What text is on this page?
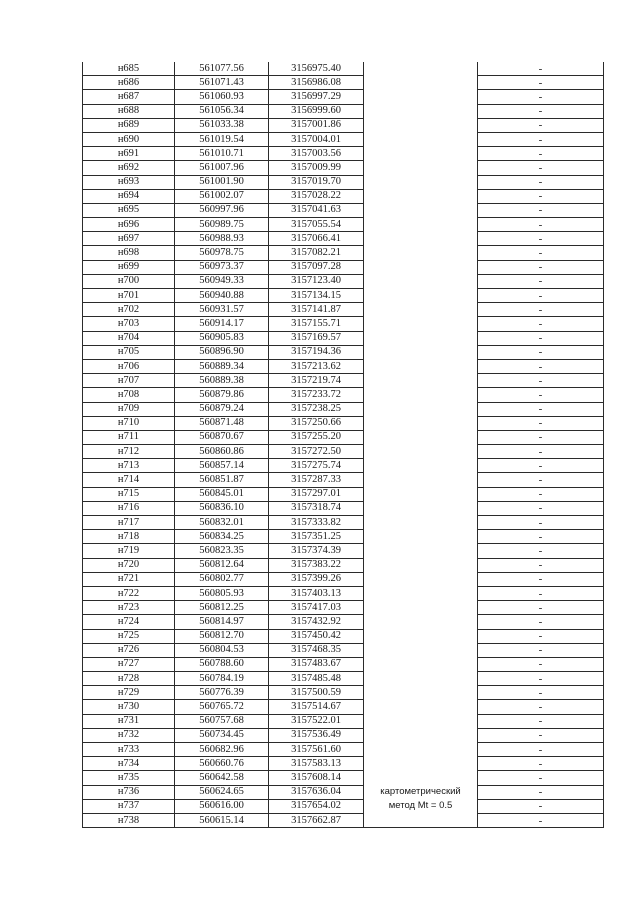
н685	561077.56	3156975.40		-
н686	561071.43	3156986.08		-
н687	561060.93	3156997.29		-
н688	561056.34	3156999.60		-
н689	561033.38	3157001.86		-
н690	561019.54	3157004.01		-
н691	561010.71	3157003.56		-
н692	561007.96	3157009.99		-
н693	561001.90	3157019.70		-
н694	561002.07	3157028.22		-
н695	560997.96	3157041.63		-
н696	560989.75	3157055.54		-
н697	560988.93	3157066.41		-
н698	560978.75	3157082.21		-
н699	560973.37	3157097.28		-
н700	560949.33	3157123.40		-
н701	560940.88	3157134.15		-
н702	560931.57	3157141.87		-
н703	560914.17	3157155.71		-
н704	560905.83	3157169.57		-
н705	560896.90	3157194.36		-
н706	560889.34	3157213.62		-
н707	560889.38	3157219.74		-
н708	560879.86	3157233.72		-
н709	560879.24	3157238.25		-
н710	560871.48	3157250.66		-
н711	560870.67	3157255.20		-
н712	560860.86	3157272.50		-
н713	560857.14	3157275.74		-
н714	560851.87	3157287.33		-
н715	560845.01	3157297.01		-
н716	560836.10	3157318.74		-
н717	560832.01	3157333.82		-
н718	560834.25	3157351.25		-
н719	560823.35	3157374.39		-
н720	560812.64	3157383.22		-
н721	560802.77	3157399.26		-
н722	560805.93	3157403.13		-
н723	560812.25	3157417.03		-
н724	560814.97	3157432.92		-
н725	560812.70	3157450.42		-
н726	560804.53	3157468.35		-
н727	560788.60	3157483.67		-
н728	560784.19	3157485.48		-
н729	560776.39	3157500.59		-
н730	560765.72	3157514.67		-
н731	560757.68	3157522.01		-
н732	560734.45	3157536.49		-
н733	560682.96	3157561.60		-
н734	560660.76	3157583.13		-
н735	560642.58	3157608.14		-
н736	560624.65	3157636.04	картометрический	-
н737	560616.00	3157654.02	метод Mt = 0.5	-
н738	560615.14	3157662.87		-
